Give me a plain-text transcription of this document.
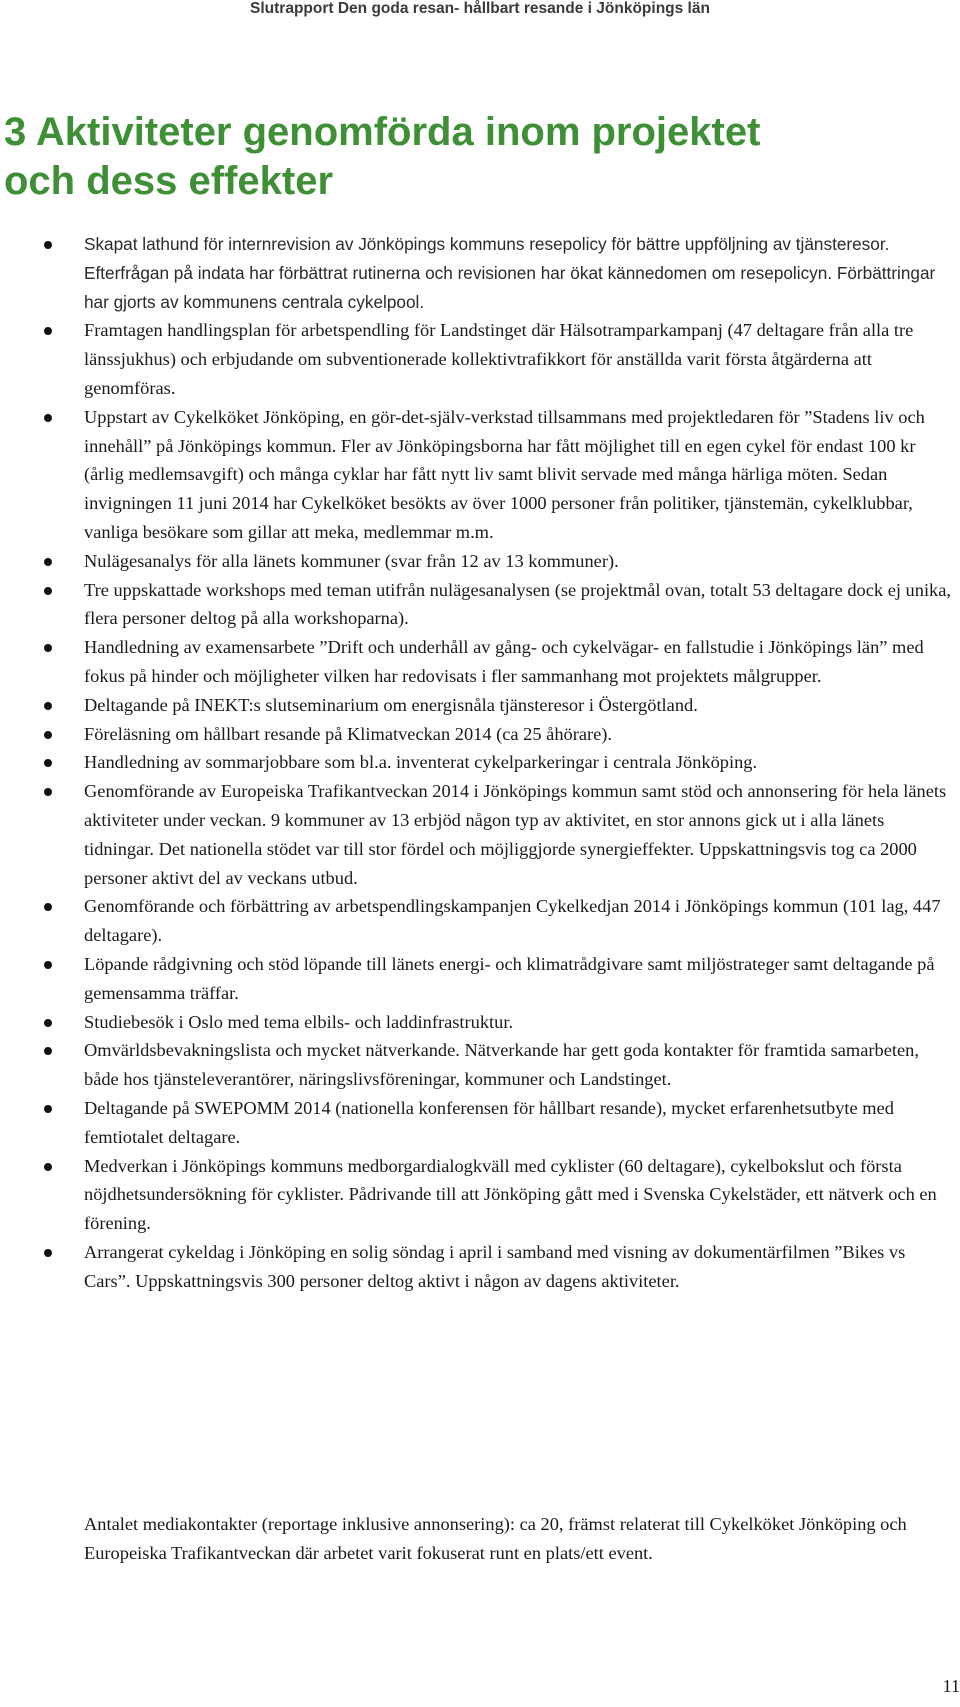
Slutrapport Den goda resan- hållbart resande i Jönköpings län
3 Aktiviteter genomförda inom projektet
och dess effekter
Skapat lathund för internrevision av Jönköpings kommuns resepolicy för bättre uppföljning av tjänsteresor. Efterfrågan på indata har förbättrat rutinerna och revisionen har ökat kännedomen om resepolicyn. Förbättringar har gjorts av kommunens centrala cykelpool.
Framtagen handlingsplan för arbetspendling för Landstinget där Hälsotramparkampanj (47 deltagare från alla tre länssjukhus) och erbjudande om subventionerade kollektivtrafikkort för anställda varit första åtgärderna att genomföras.
Uppstart av Cykelköket Jönköping, en gör-det-själv-verkstad tillsammans med projektledaren för ”Stadens liv och innehåll” på Jönköpings kommun. Fler av Jönköpingsborna har fått möjlighet till en egen cykel för endast 100 kr (årlig medlemsavgift) och många cyklar har fått nytt liv samt blivit servade med många härliga möten. Sedan invigningen 11 juni 2014 har Cykelköket besökts av över 1000 personer från politiker, tjänstemän, cykelklubbar, vanliga besökare som gillar att meka, medlemmar m.m.
Nulägesanalys för alla länets kommuner (svar från 12 av 13 kommuner).
Tre uppskattade workshops med teman utifrån nulägesanalysen (se projektmål ovan, totalt 53 deltagare dock ej unika, flera personer deltog på alla workshoparna).
Handledning av examensarbete ”Drift och underhåll av gång- och cykelvägar- en fallstudie i Jönköpings län” med fokus på hinder och möjligheter vilken har redovisats i fler sammanhang mot projektets målgrupper.
Deltagande på INEKT:s slutseminarium om energisnåla tjänsteresor i Östergötland.
Föreläsning om hållbart resande på Klimatveckan 2014 (ca 25 åhörare).
Handledning av sommarjobbare som bl.a. inventerat cykelparkeringar i centrala Jönköping.
Genomförande av Europeiska Trafikantveckan 2014 i Jönköpings kommun samt stöd och annonsering för hela länets aktiviteter under veckan. 9 kommuner av 13 erbjöd någon typ av aktivitet, en stor annons gick ut i alla länets tidningar. Det nationella stödet var till stor fördel och möjliggjorde synergieffekter. Uppskattningsvis tog ca 2000 personer aktivt del av veckans utbud.
Genomförande och förbättring av arbetspendlingskampanjen Cykelkedjan 2014 i Jönköpings kommun (101 lag, 447 deltagare).
Löpande rådgivning och stöd löpande till länets energi- och klimatrådgivare samt miljöstrateger samt deltagande på gemensamma träffar.
Studiebesök i Oslo med tema elbils- och laddinfrastruktur.
Omvärldsbevakningslista och mycket nätverkande. Nätverkande har gett goda kontakter för framtida samarbeten, både hos tjänsteleverantörer, näringslivsföreningar, kommuner och Landstinget.
Deltagande på SWEPOMM 2014 (nationella konferensen för hållbart resande), mycket erfarenhetsutbyte med femtiotalet deltagare.
Medverkan i Jönköpings kommuns medborgardialogkväll med cyklister (60 deltagare), cykelbokslut och första nöjdhetsundersökning för cyklister. Pådrivande till att Jönköping gått med i Svenska Cykelstäder, ett nätverk och en förening.
Arrangerat cykeldag i Jönköping en solig söndag i april i samband med visning av dokumentärfilmen ”Bikes vs Cars”. Uppskattningsvis 300 personer deltog aktivt i någon av dagens aktiviteter.

Antalet mediakontakter (reportage inklusive annonsering): ca 20, främst relaterat till Cykelköket Jönköping och Europeiska Trafikantveckan där arbetet varit fokuserat runt en plats/ett event.

11
